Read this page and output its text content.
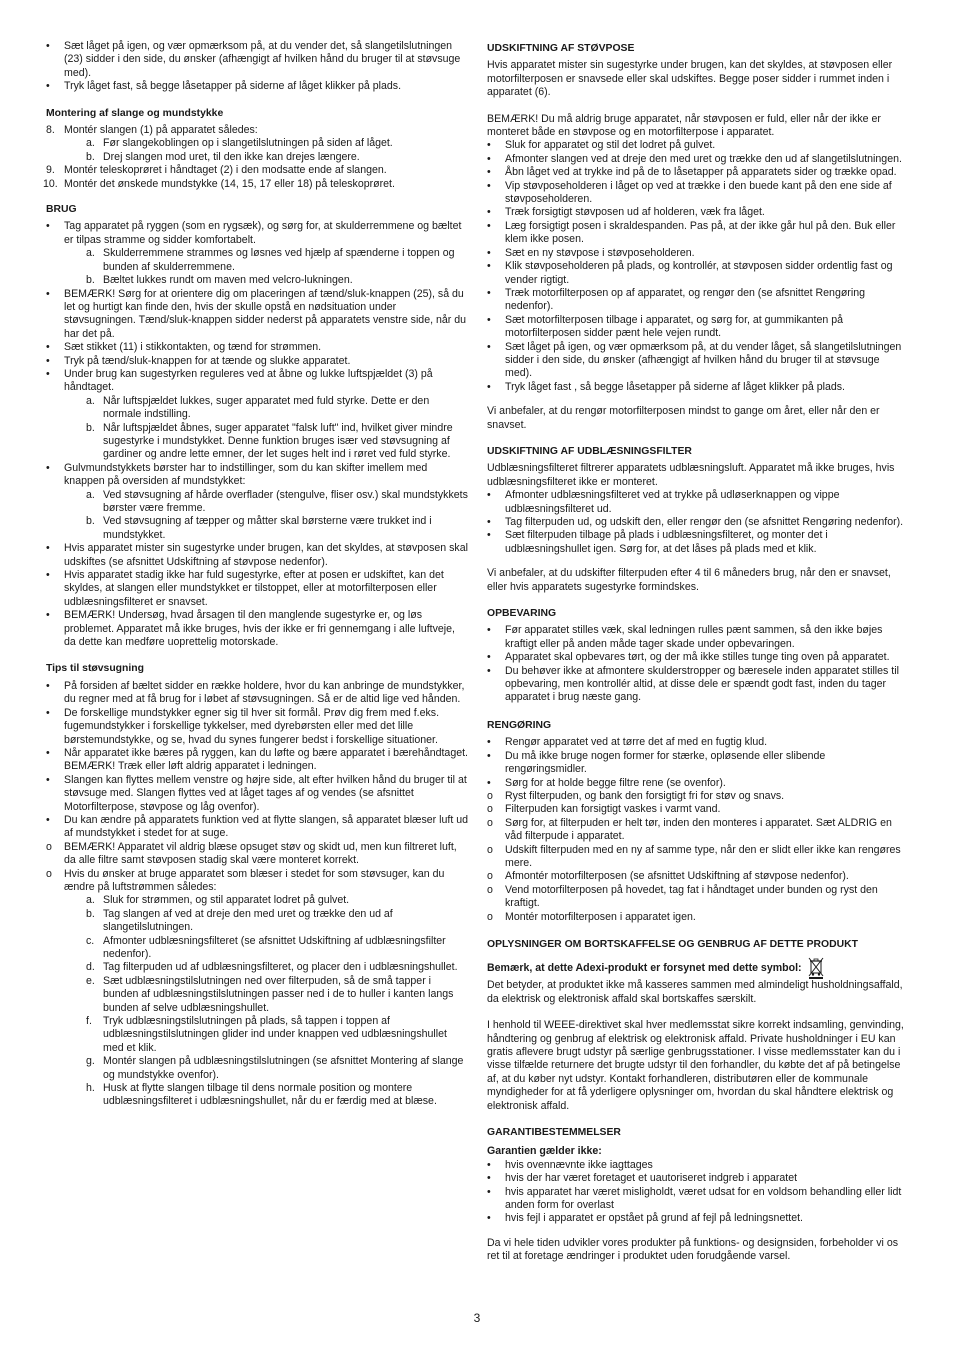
•	Sæt låget på igen, og vær opmærksom på, at du vender det, så slangetilslutningen (23) sidder i den side, du ønsker (afhængigt af hvilken hånd du bruger til at støvsuge med).
•	Tryk låget fast, så begge låsetapper på siderne af låget klikker på plads.
Montering af slange og mundstykke
8. Montér slangen (1) på apparatet således:
a. Før slangekoblingen op i slangetilslutningen på siden af låget.
b. Drej slangen mod uret, til den ikke kan drejes længere.
9. Montér teleskoprøret i håndtaget (2) i den modsatte ende af slangen.
10. Montér det ønskede mundstykke (14, 15, 17 eller 18) på teleskoprøret.
BRUG
•	Tag apparatet på ryggen (som en rygsæk), og sørg for, at skulderremmene og bæltet er tilpas stramme og sidder komfortabelt.
a. Skulderremmene strammes og løsnes ved hjælp af spænderne i toppen og bunden af skulderremmene.
b. Bæltet lukkes rundt om maven med velcro-lukningen.
•	BEMÆRK! Sørg for at orientere dig om placeringen af tænd/sluk-knappen (25), så du let og hurtigt kan finde den, hvis der skulle opstå en nødsituation under støvsugningen. Tænd/sluk-knappen sidder nederst på apparatets venstre side, når du har det på.
•	Sæt stikket (11) i stikkontakten, og tænd for strømmen.
•	Tryk på tænd/sluk-knappen for at tænde og slukke apparatet.
•	Under brug kan sugestyrken reguleres ved at åbne og lukke luftspjældet (3) på håndtaget.
a. Når luftspjældet lukkes, suger apparatet med fuld styrke. Dette er den normale indstilling.
b. Når luftspjældet åbnes, suger apparatet "falsk luft" ind, hvilket giver mindre sugestyrke i mundstykket. Denne funktion bruges især ved støvsugning af gardiner og andre lette emner, der let suges helt ind i røret ved fuld styrke.
•	Gulvmundstykkets børster har to indstillinger, som du kan skifter imellem med knappen på oversiden af mundstykket:
a. Ved støvsugning af hårde overflader (stengulve, fliser osv.) skal mundstykkets børster være fremme.
b. Ved støvsugning af tæpper og måtter skal børsterne være trukket ind i mundstykket.
•	Hvis apparatet mister sin sugestyrke under brugen, kan det skyldes, at støvposen skal udskiftes (se afsnittet Udskiftning af støvpose nedenfor).
•	Hvis apparatet stadig ikke har fuld sugestyrke, efter at posen er udskiftet, kan det skyldes, at slangen eller mundstykket er tilstoppet, eller at motorfilterposen eller udblæsningsfilteret er snavset.
•	BEMÆRK! Undersøg, hvad årsagen til den manglende sugestyrke er, og løs problemet. Apparatet må ikke bruges, hvis der ikke er fri gennemgang i alle luftveje, da dette kan medføre uoprettelig motorskade.
Tips til støvsugning
•	På forsiden af bæltet sidder en række holdere, hvor du kan anbringe de mundstykker, du regner med at få brug for i løbet af støvsugningen. Så er de altid lige ved hånden.
•	De forskellige mundstykker egner sig til hver sit formål. Prøv dig frem med f.eks. fugemundstykker i forskellige tykkelser, med dyrebørsten eller med det lille børstemundstykke, og se, hvad du synes fungerer bedst i forskellige situationer.
•	Når apparatet ikke bæres på ryggen, kan du løfte og bære apparatet i bærehåndtaget. BEMÆRK! Træk eller løft aldrig apparatet i ledningen.
•	Slangen kan flyttes mellem venstre og højre side, alt efter hvilken hånd du bruger til at støvsuge med. Slangen flyttes ved at låget tages af og vendes (se afsnittet Motorfilterpose, støvpose og låg ovenfor).
•	Du kan ændre på apparatets funktion ved at flytte slangen, så apparatet blæser luft ud af mundstykket i stedet for at suge.
o	BEMÆRK! Apparatet vil aldrig blæse opsuget støv og skidt ud, men kun filtreret luft, da alle filtre samt støvposen stadig skal være monteret korrekt.
o	Hvis du ønsker at bruge apparatet som blæser i stedet for som støvsuger, kan du ændre på luftstrømmen således:
a. Sluk for strømmen, og stil apparatet lodret på gulvet.
b. Tag slangen af ved at dreje den med uret og trække den ud af slangetilslutningen.
c. Afmonter udblæsningsfilteret (se afsnittet Udskiftning af udblæsningsfilter nedenfor).
d. Tag filterpuden ud af udblæsningsfilteret, og placer den i udblæsningshullet.
e. Sæt udblæsningstilslutningen ned over filterpuden, så de små tapper i bunden af udblæsningstilslutningen passer ned i de to huller i kanten langs bunden af selve udblæsningshullet.
f. Tryk udblæsningstilslutningen på plads, så tappen i toppen af udblæsningstilslutningen glider ind under knappen ved udblæsningshullet med et klik.
g. Montér slangen på udblæsningstilslutningen (se afsnittet Montering af slange og mundstykke ovenfor).
h. Husk at flytte slangen tilbage til dens normale position og montere udblæsningsfilteret i udblæsningshullet, når du er færdig med at blæse.
UDSKIFTNING AF STØVPOSE

Hvis apparatet mister sin sugestyrke under brugen, kan det skyldes, at støvposen eller motorfilterposen er snavsede eller skal udskiftes. Begge poser sidder i rummet inden i apparatet (6).

BEMÆRK! Du må aldrig bruge apparatet, når støvposen er fuld, eller når der ikke er monteret både en støvpose og en motorfilterpose i apparatet.

•	Sluk for apparatet og stil det lodret på gulvet.
•	Afmonter slangen ved at dreje den med uret og trække den ud af slangetilslutningen.
•	Åbn låget ved at trykke ind på de to låsetapper på apparatets sider og trække opad.
•	Vip støvposeholderen i låget op ved at trække i den buede kant på den ene side af støvposeholderen.
•	Træk forsigtigt støvposen ud af holderen, væk fra låget.
•	Læg forsigtigt posen i skraldespanden. Pas på, at der ikke går hul på den. Buk eller klem ikke posen.
•	Sæt en ny støvpose i støvposeholderen.
•	Klik støvposeholderen på plads, og kontrollér, at støvposen sidder ordentlig fast og vender rigtigt.
•	Træk motorfilterposen op af apparatet, og rengør den (se afsnittet Rengøring nedenfor).
•	Sæt motorfilterposen tilbage i apparatet, og sørg for, at gummikanten på motorfilterposen sidder pænt hele vejen rundt.
•	Sæt låget på igen, og vær opmærksom på, at du vender låget, så slangetilslutningen sidder i den side, du ønsker (afhængigt af hvilken hånd du bruger til at støvsuge med).
•	Tryk låget fast , så begge låsetapper på siderne af låget klikker på plads.

Vi anbefaler, at du rengør motorfilterposen mindst to gange om året, eller når den er snavset.

UDSKIFTNING AF UDBLÆSNINGSFILTER

Udblæsningsfilteret filtrerer apparatets udblæsningsluft. Apparatet må ikke bruges, hvis udblæsningsfilteret ikke er monteret.

•	Afmonter udblæsningsfilteret ved at trykke på udløserknappen og vippe udblæsningsfilteret ud.
•	Tag filterpuden ud, og udskift den, eller rengør den (se afsnittet Rengøring nedenfor).
•	Sæt filterpuden tilbage på plads i udblæsningsfilteret, og monter det i udblæsningshullet igen. Sørg for, at det låses på plads med et klik.

Vi anbefaler, at du udskifter filterpuden efter 4 til 6 måneders brug, når den er snavset, eller hvis apparatets sugestyrke formindskes.

OPBEVARING
•	Før apparatet stilles væk, skal ledningen rulles pænt sammen, så den ikke bøjes kraftigt eller på anden måde tager skade under opbevaringen.
•	Apparatet skal opbevares tørt, og der må ikke stilles tunge ting oven på apparatet.
•	Du behøver ikke at afmontere skulderstropper og bæresele inden apparatet stilles til opbevaring, men kontrollér altid, at disse dele er spændt godt fast, inden du tager apparatet i brug næste gang.
RENGØRING
•	Rengør apparatet ved at tørre det af med en fugtig klud.
•	Du må ikke bruge nogen former for stærke, opløsende eller slibende rengøringsmidler.
•	Sørg for at holde begge filtre rene (se ovenfor).
o	Ryst filterpuden, og bank den forsigtigt fri for støv og snavs.
o	Filterpuden kan forsigtigt vaskes i varmt vand.
o	Sørg for, at filterpuden er helt tør, inden den monteres i apparatet. Sæt ALDRIG en våd filterpude i apparatet.
o	Udskift filterpuden med en ny af samme type, når den er slidt eller ikke kan rengøres mere.
o	Afmontér motorfilterposen (se afsnittet Udskiftning af støvpose nedenfor).
o	Vend motorfilterposen på hovedet, tag fat i håndtaget under bunden og ryst den kraftigt.
o	Montér motorfilterposen i apparatet igen.
OPLYSNINGER OM BORTSKAFFELSE OG GENBRUG AF DETTE PRODUKT
Bemærk, at dette Adexi-produkt er forsynet med dette symbol:

Det betyder, at produktet ikke må kasseres sammen med almindeligt husholdningsaffald, da elektrisk og elektronisk affald skal bortskaffes særskilt.

I henhold til WEEE-direktivet skal hver medlemsstat sikre korrekt indsamling, genvinding, håndtering og genbrug af elektrisk og elektronisk affald. Private husholdninger i EU kan gratis aflevere brugt udstyr på særlige genbrugsstationer. I visse medlemsstater kan du i visse tilfælde returnere det brugte udstyr til den forhandler, du købte det af på betingelse af, at du køber nyt udstyr. Kontakt forhandleren, distributøren eller de kommunale myndigheder for at få yderligere oplysninger om, hvordan du skal håndtere elektrisk og elektronisk affald.

GARANTIBESTEMMELSER
Garantien gælder ikke:
•	hvis ovennævnte ikke iagttages
•	hvis der har været foretaget et uautoriseret indgreb i apparatet
•	hvis apparatet har været misligholdt, været udsat for en voldsom behandling eller lidt anden form for overlast
•	hvis fejl i apparatet er opstået på grund af fejl på ledningsnettet.

Da vi hele tiden udvikler vores produkter på funktions- og designsiden, forbeholder vi os ret til at foretage ændringer i produktet uden forudgående varsel.

3
